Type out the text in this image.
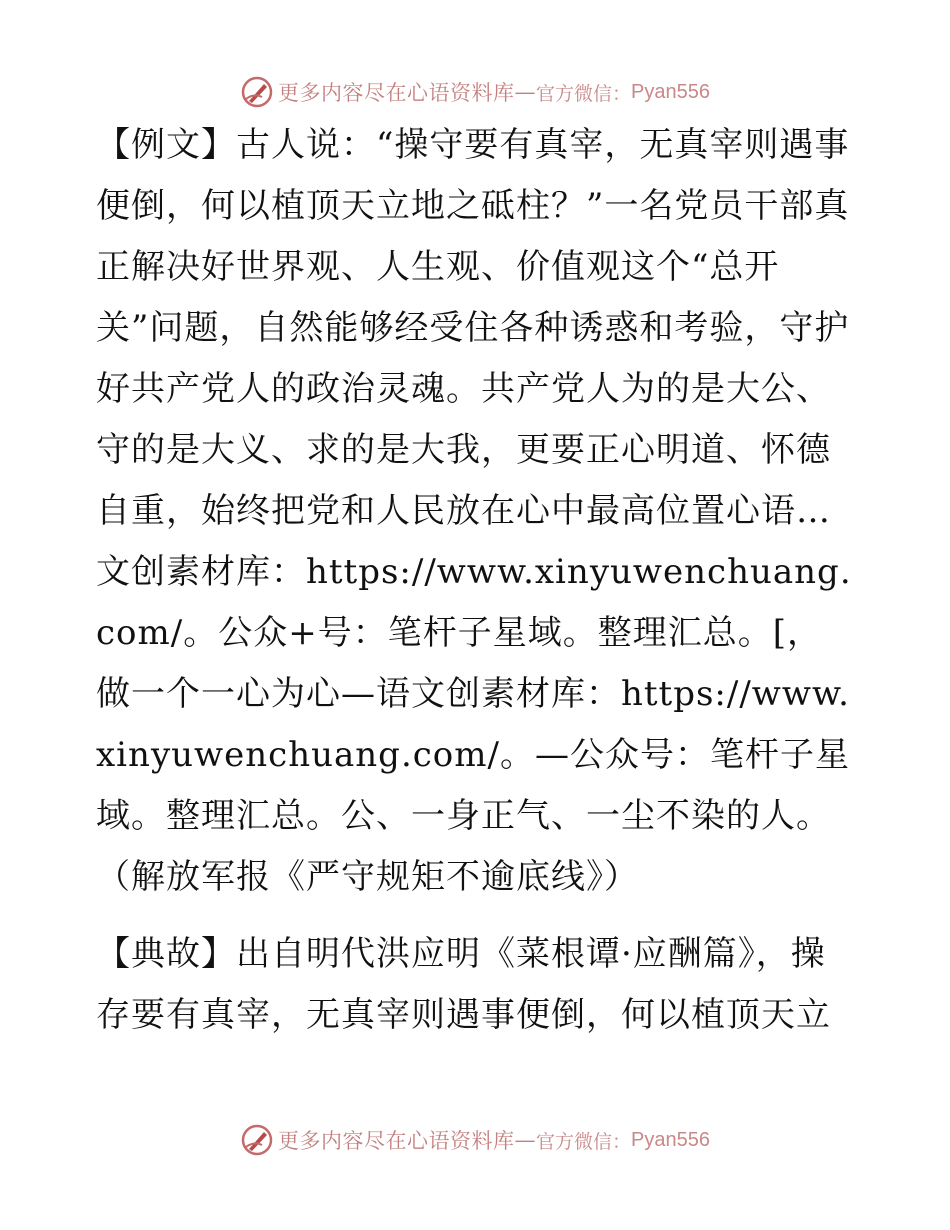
更多内容尽在心语资料库 — 官方微信： Pyan556

【例文】古人说：“操守要有真宰，无真宰则遇事便倒，何以植顶天立地之砥柱？”一名党员干部真正解决好世界观、人生观、价值观这个“总开关”问题，自然能够经受住各种诱惑和考验，守护好共产党人的政治灵魂。共产党人为的是大公、守的是大义、求的是大我，更要正心明道、怀德自重，始终把党和人民放在心中最高位置心语…文创素材库：https://www.xinyuwenchuang.com/。公众+号：笔杆子星域。整理汇总。[，做一个一心为心—语文创素材库：https://www.xinyuwenchuang.com/。—公众号：笔杆子星域。整理汇总。公、一身正气、一尘不染的人。（解放军报《严守规矩不逾底线》）

【典故】出自明代洪应明《菜根谭·应酬篇》，操存要有真宰，无真宰则遇事便倒，何以植顶天立

更多内容尽在心语资料库 — 官方微信： Pyan556
